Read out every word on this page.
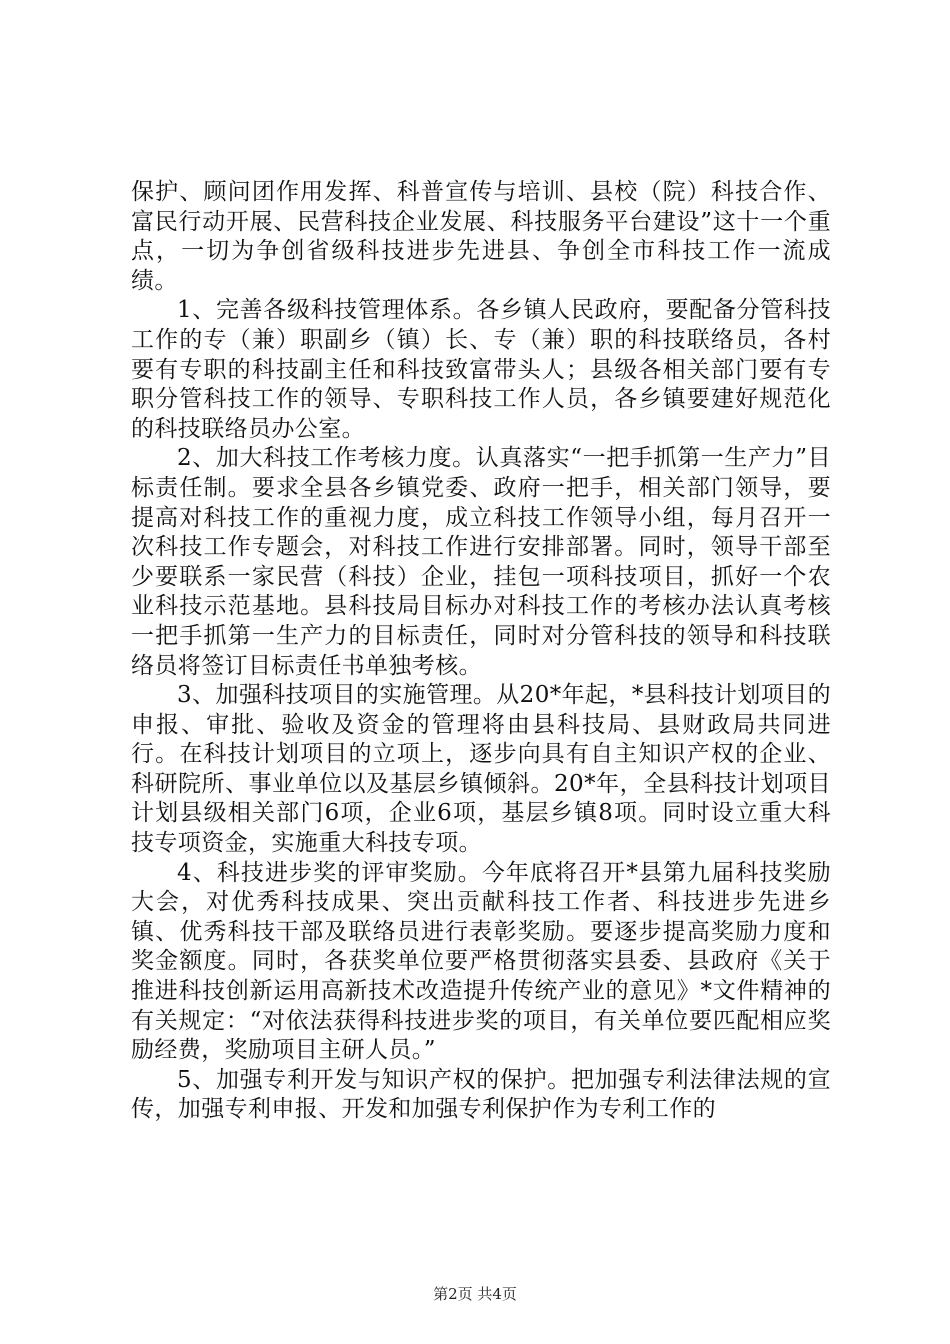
保护、顾问团作用发挥、科普宣传与培训、县校（院）科技合作、富民行动开展、民营科技企业发展、科技服务平台建设”这十一个重点，一切为争创省级科技进步先进县、争创全市科技工作一流成绩。

1、完善各级科技管理体系。各乡镇人民政府，要配备分管科技工作的专（兼）职副乡（镇）长、专（兼）职的科技联络员，各村要有专职的科技副主任和科技致富带头人；县级各相关部门要有专职分管科技工作的领导、专职科技工作人员，各乡镇要建好规范化的科技联络员办公室。

2、加大科技工作考核力度。认真落实“一把手抓第一生产力”目标责任制。要求全县各乡镇党委、政府一把手，相关部门领导，要提高对科技工作的重视力度，成立科技工作领导小组，每月召开一次科技工作专题会，对科技工作进行安排部署。同时，领导干部至少要联系一家民营（科技）企业，挂包一项科技项目，抓好一个农业科技示范基地。县科技局目标办对科技工作的考核办法认真考核一把手抓第一生产力的目标责任，同时对分管科技的领导和科技联络员将签订目标责任书单独考核。

3、加强科技项目的实施管理。从20*年起，*县科技计划项目的申报、审批、验收及资金的管理将由县科技局、县财政局共同进行。在科技计划项目的立项上，逐步向具有自主知识产权的企业、科研院所、事业单位以及基层乡镇倾斜。20*年，全县科技计划项目计划县级相关部门6项，企业6项，基层乡镇8项。同时设立重大科技专项资金，实施重大科技专项。

4、科技进步奖的评审奖励。今年底将召开*县第九届科技奖励大会，对优秀科技成果、突出贡献科技工作者、科技进步先进乡镇、优秀科技干部及联络员进行表彰奖励。要逐步提高奖励力度和奖金额度。同时，各获奖单位要严格贯彻落实县委、县政府《关于推进科技创新运用高新技术改造提升传统产业的意见》*文件精神的有关规定：“对依法获得科技进步奖的项目，有关单位要匹配相应奖励经费，奖励项目主研人员。”

5、加强专利开发与知识产权的保护。把加强专利法律法规的宣传，加强专利申报、开发和加强专利保护作为专利工作的

第2页 共4页
